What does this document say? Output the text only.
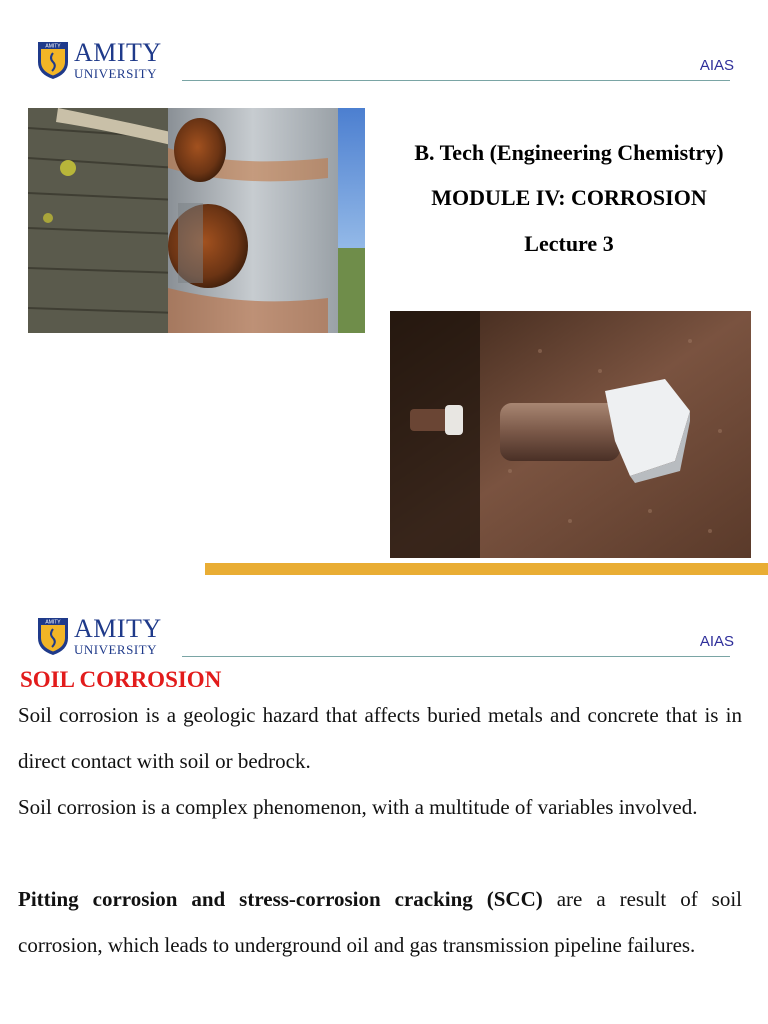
AMITY AMITY
UNIVERSITY	AIAS
B. Tech (Engineering Chemistry)
MODULE IV: CORROSION
Lecture 3
AMITY AMITY
UNIVERSITY	AIAS
SOIL CORROSION
Soil corrosion is a geologic hazard that affects buried metals and concrete that is in direct contact with soil or bedrock.
Soil corrosion is a complex phenomenon, with a multitude of variables involved.
Pitting corrosion and stress-corrosion cracking (SCC) are a result of soil corrosion, which leads to underground oil and gas transmission pipeline failures.
